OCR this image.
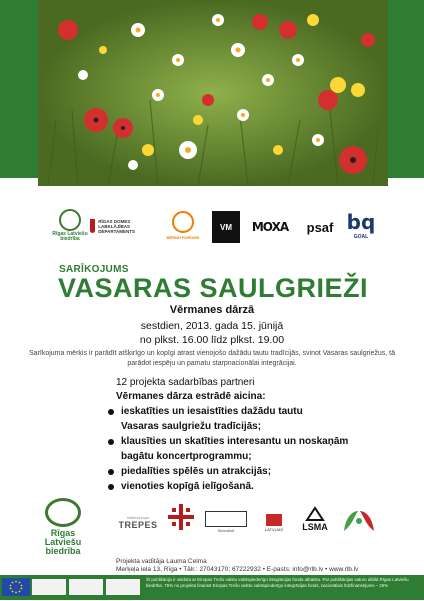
Rīgas Latviešu biedrība
RĪGAS DOMES LABKLĀJĪBAS DEPARTAMENTS
BĒRNU FORUMS
VM MOXA psaf bq
GOAL
SARĪKOJUMS
VASARAS SAULGRIEŽI
Vērmanes dārzā
sestdien, 2013. gada 15. jūnijā
no plkst. 16.00 līdz plkst. 19.00
Sarīkojuma mērķis ir parādīt atšķirīgo un kopīgi atrast vienojošo dažādu tautu tradīcijās, svinot Vasaras saulgriežus, tā parādot iespēju un pamatu starpnacionālai integrācijai.
12 projekta sadarbības partneri
Vērmanes dārza estrādē aicina:
ieskatīties un iesaistīties dažādu tautu
Vasaras saulgriežu tradīcijās;
klausīties un skatīties interesantu un noskaņām
bagātu koncertprogrammu;
piedalīties spēlēs un atrakcijās;
vienoties kopīgā ielīgošanā.
Rīgas Latviešu biedrība
folkloras kopa
TREPES
Skandinē	LATVIJAS LSMA
Projekta vadītāja Lauma Celma
Merķeļa iela 13, Rīga • Tālr.: 27043170; 67222932 • E-pasts: info@rlb.lv • www.rlb.lv
Šī publikācija ir veidota ar Eiropas Trešo valstu valstspiederīgo integrācijas fonda atbalstu. Par publikācijas saturu atbild Rīgas Latviešu biedrība. 75% no projekta finansē Eiropas Trešo valstu valstspiederīgo integrācijas fonds, nacionālais līdzfinansējums – 25%
